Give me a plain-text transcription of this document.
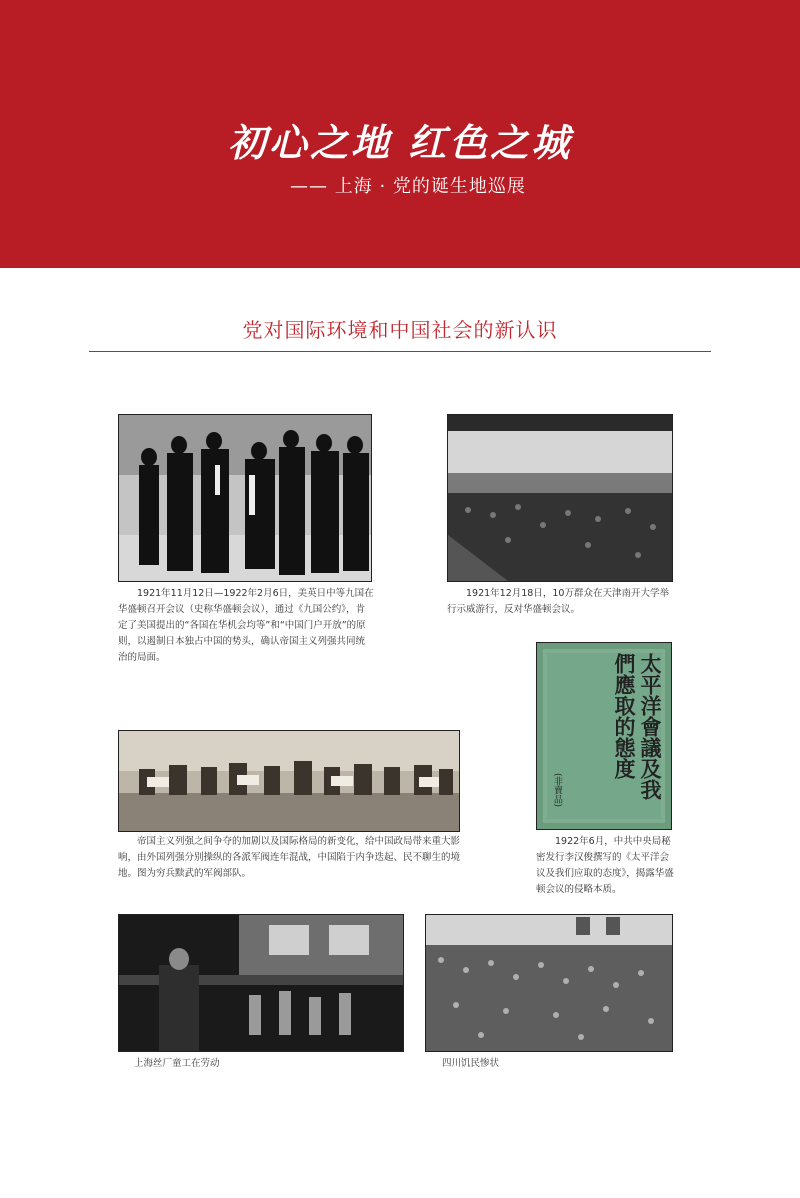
初心之地 红色之城
—— 上海 · 党的诞生地巡展
党对国际环境和中国社会的新认识

1921年11月12日—1922年2月6日，美英日中等九国在华盛顿召开会议（史称华盛顿会议），通过《九国公约》，肯定了美国提出的“各国在华机会均等”和“中国门户开放”的原则，以遏制日本独占中国的势头，确认帝国主义列强共同统治的局面。

1921年12月18日，10万群众在天津南开大学举行示威游行，反对华盛顿会议。

太平洋會議及我們應取的態度
(非賣品)

1922年6月，中共中央局秘密发行李汉俊撰写的《太平洋会议及我们应取的态度》，揭露华盛顿会议的侵略本质。

帝国主义列强之间争夺的加剧以及国际格局的新变化，给中国政局带来重大影响，由外国列强分别操纵的各派军阀连年混战，中国陷于内争迭起、民不聊生的境地。图为穷兵黩武的军阀部队。

上海丝厂童工在劳动	四川饥民惨状
